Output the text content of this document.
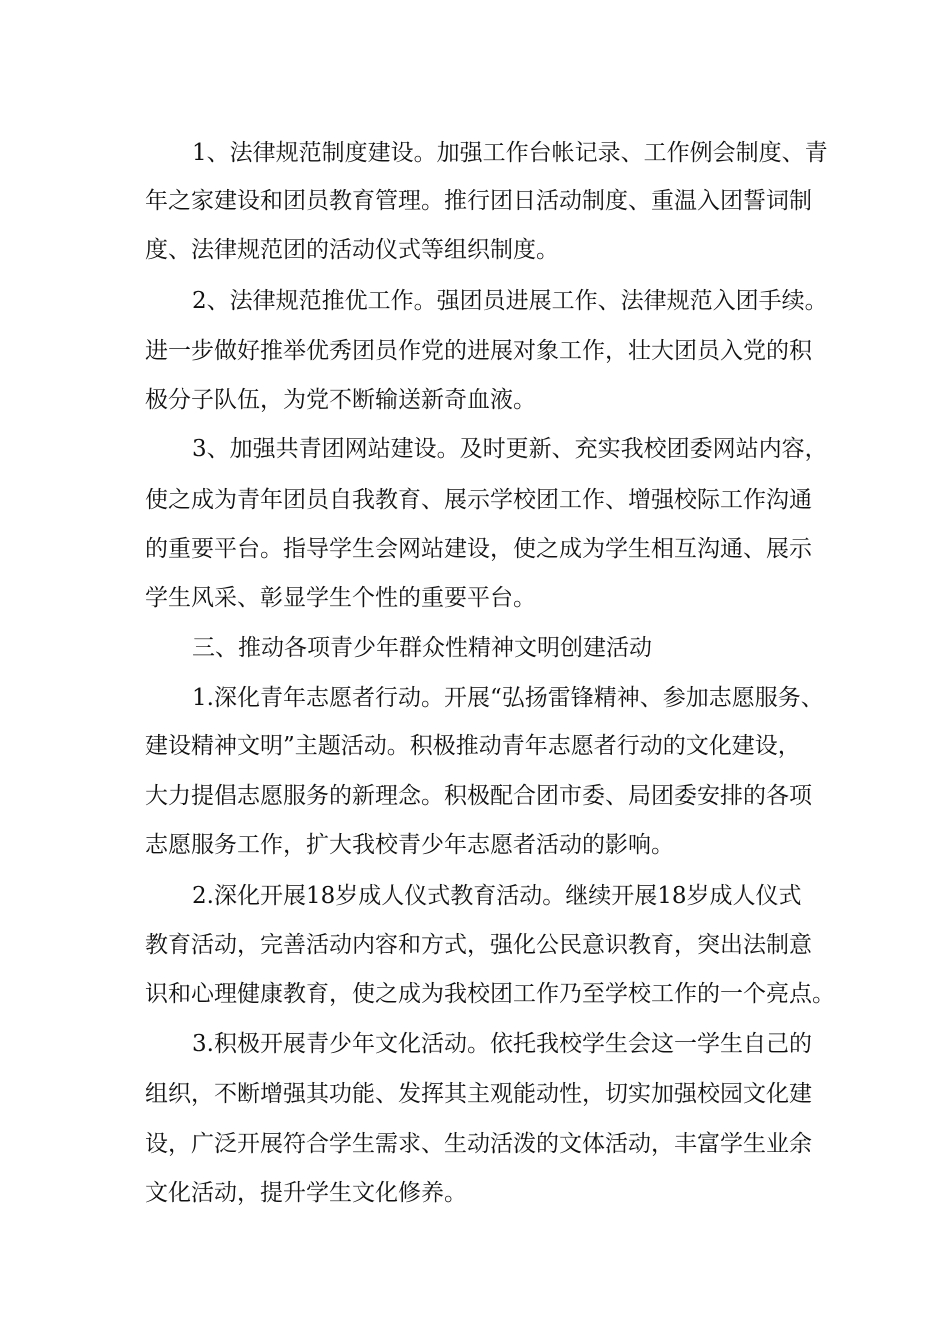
1、法律规范制度建设。加强工作台帐记录、工作例会制度、青
年之家建设和团员教育管理。推行团日活动制度、重温入团誓词制
度、法律规范团的活动仪式等组织制度。
2、法律规范推优工作。强团员进展工作、法律规范入团手续。
进一步做好推举优秀团员作党的进展对象工作，壮大团员入党的积
极分子队伍，为党不断输送新奇血液。
3、加强共青团网站建设。及时更新、充实我校团委网站内容，
使之成为青年团员自我教育、展示学校团工作、增强校际工作沟通
的重要平台。指导学生会网站建设，使之成为学生相互沟通、展示
学生风采、彰显学生个性的重要平台。
三、推动各项青少年群众性精神文明创建活动
1.深化青年志愿者行动。开展“弘扬雷锋精神、参加志愿服务、
建设精神文明”主题活动。积极推动青年志愿者行动的文化建设，
大力提倡志愿服务的新理念。积极配合团市委、局团委安排的各项
志愿服务工作，扩大我校青少年志愿者活动的影响。
2.深化开展18岁成人仪式教育活动。继续开展18岁成人仪式
教育活动，完善活动内容和方式，强化公民意识教育，突出法制意
识和心理健康教育，使之成为我校团工作乃至学校工作的一个亮点。
3.积极开展青少年文化活动。依托我校学生会这一学生自己的
组织，不断增强其功能、发挥其主观能动性，切实加强校园文化建
设，广泛开展符合学生需求、生动活泼的文体活动，丰富学生业余
文化活动，提升学生文化修养。
